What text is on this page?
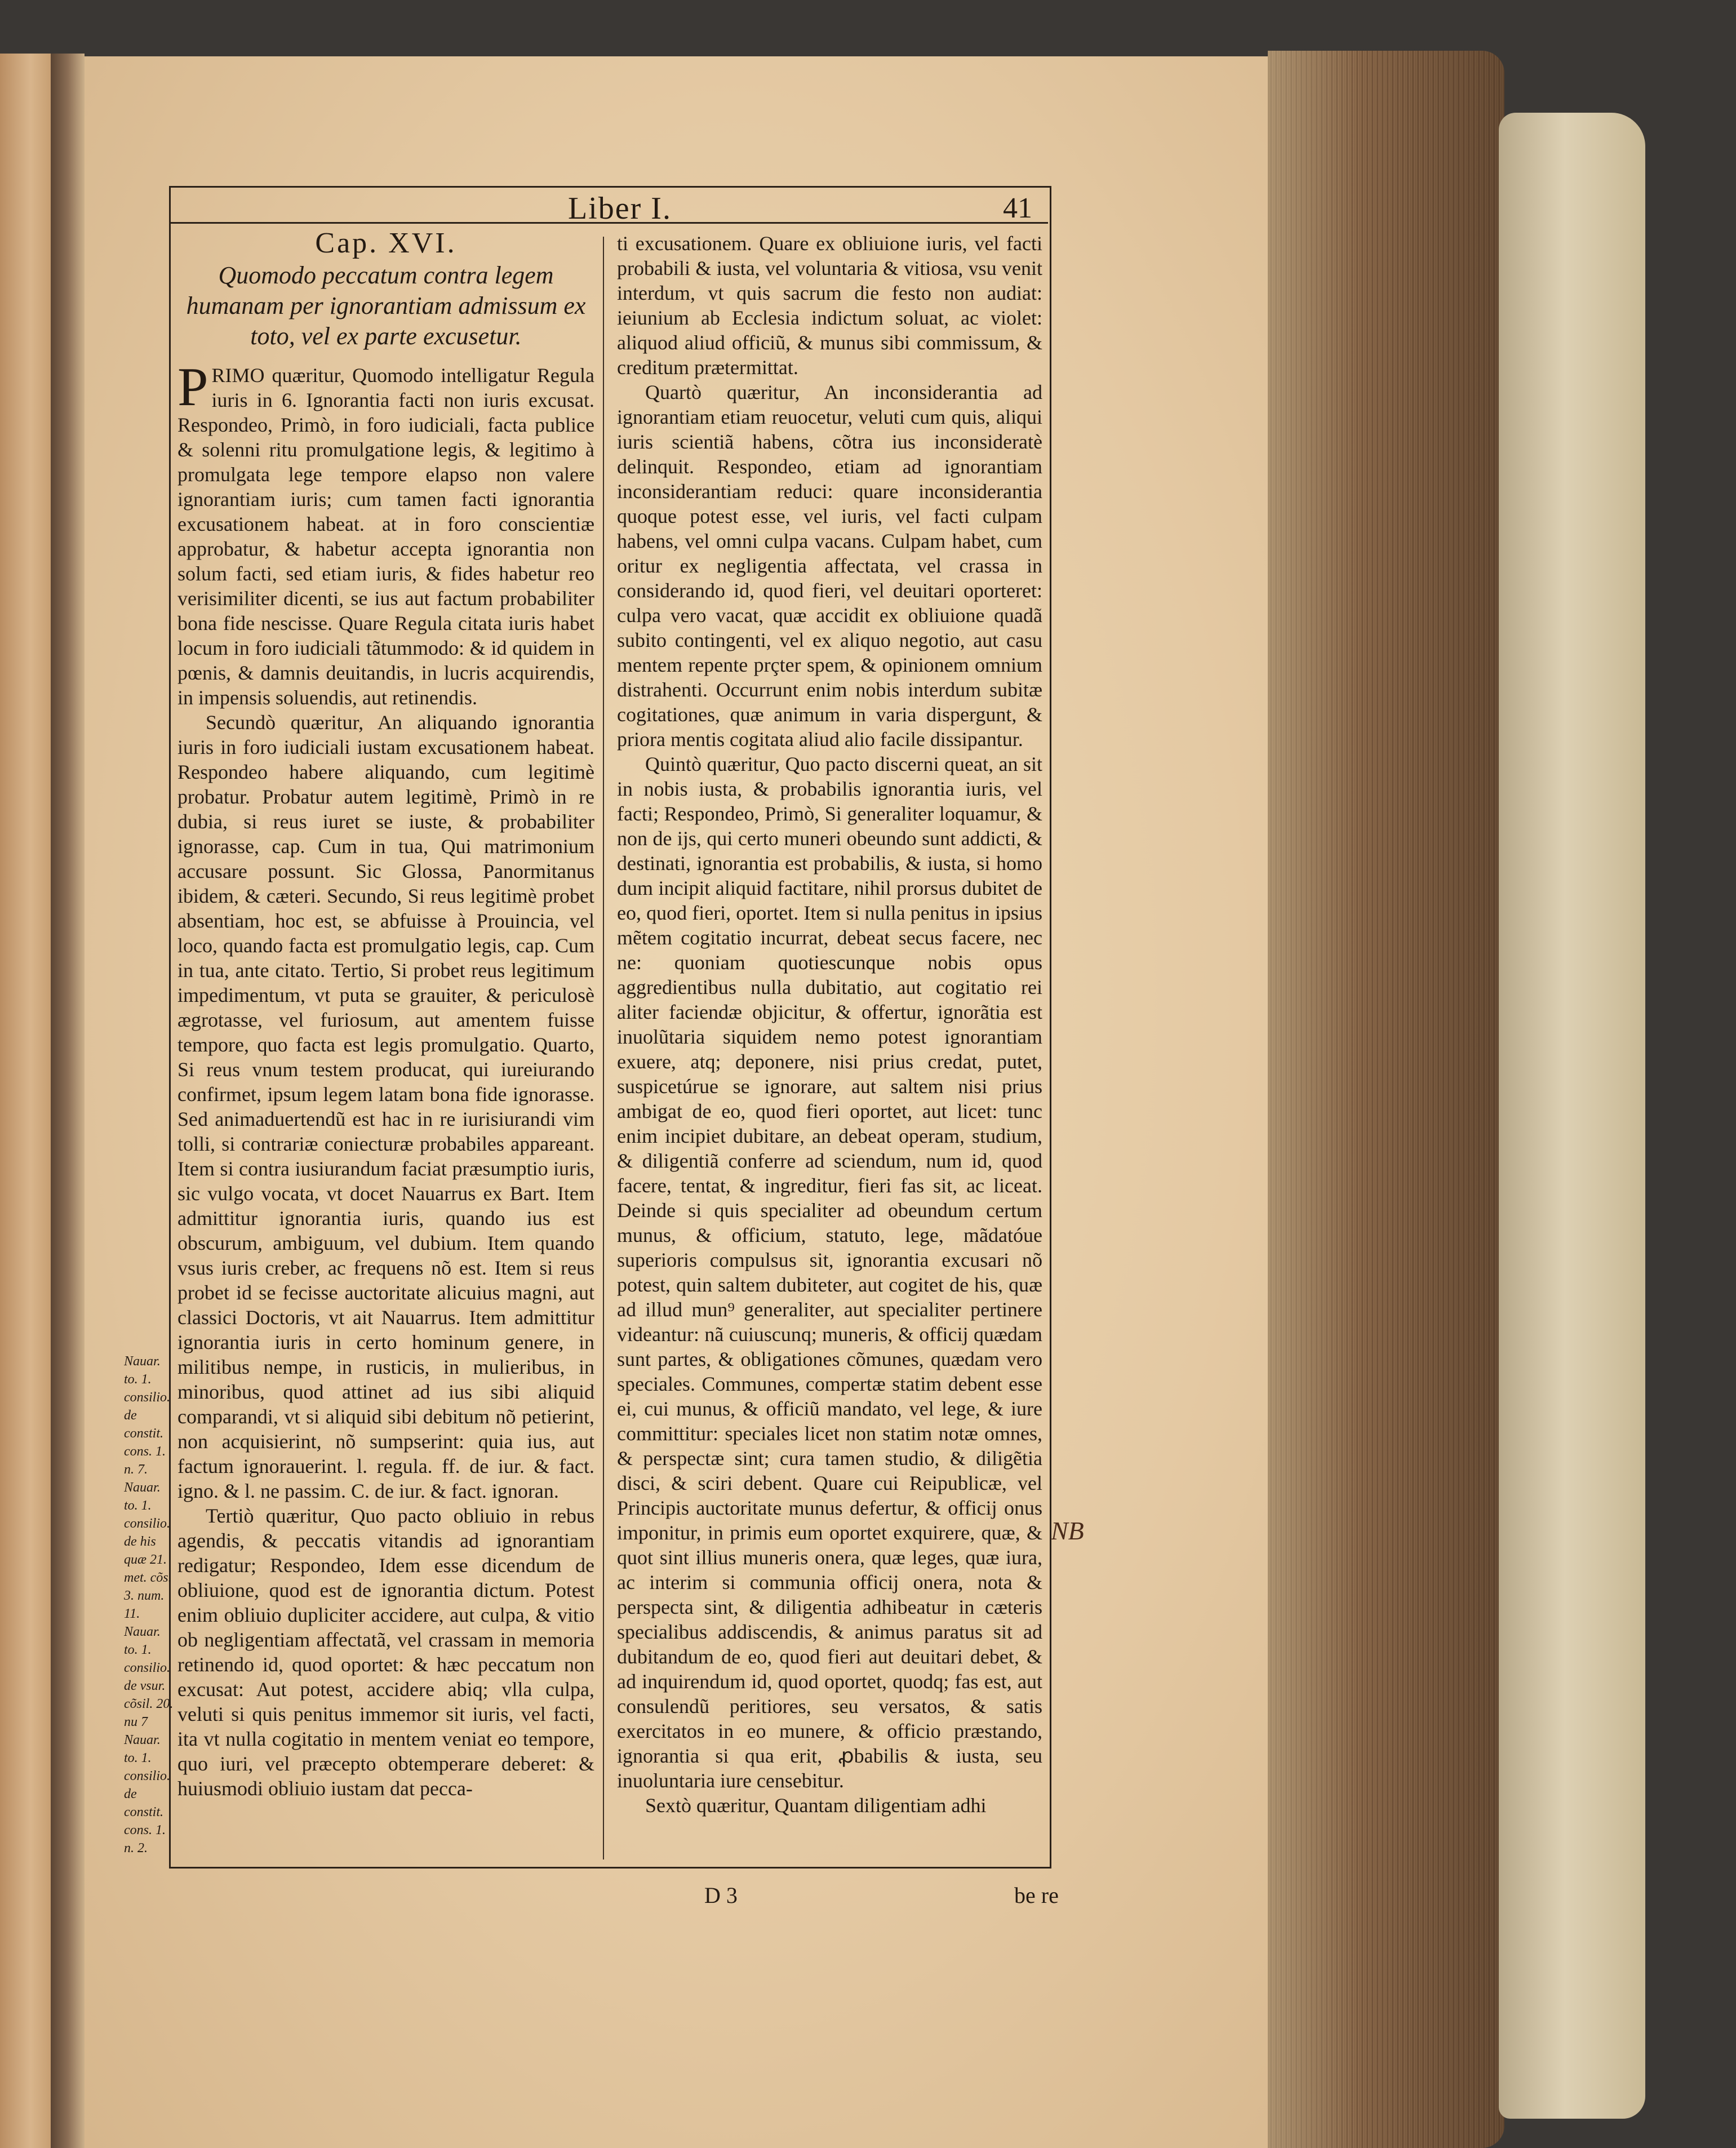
Liber I.	41
Cap. XVI.
Quomodo peccatum contra legem humanam per ignorantiam admissum ex toto, vel ex parte excusetur.

PRIMO quæritur, Quomodo intelligatur Regula iuris in 6. Ignorantia facti non iuris excusat. Respondeo, Primò, in foro iudiciali, facta publice & solenni ritu promulgatione legis, & legitimo à promulgata lege tempore elapso non valere ignorantiam iuris; cum tamen facti ignorantia excusationem habeat. at in foro conscientiæ approbatur, & habetur accepta ignorantia non solum facti, sed etiam iuris, & fides habetur reo verisimiliter dicenti, se ius aut factum probabiliter bona fide nescisse. Quare Regula citata iuris habet locum in foro iudiciali tãtummodo: & id quidem in pœnis, & damnis deuitandis, in lucris acquirendis, in impensis soluendis, aut retinendis.

Secundò quæritur, An aliquando ignorantia iuris in foro iudiciali iustam excusationem habeat. Respondeo habere aliquando, cum legitimè probatur. Probatur autem legitimè, Primò in re dubia, si reus iuret se iuste, & probabiliter ignorasse, cap. Cum in tua, Qui matrimonium accusare possunt. Sic Glossa, Panormitanus ibidem, & cæteri. Secundo, Si reus legitimè probet absentiam, hoc est, se abfuisse à Prouincia, vel loco, quando facta est promulgatio legis, cap. Cum in tua, ante citato. Tertio, Si probet reus legitimum impedimentum, vt puta se grauiter, & periculosè ægrotasse, vel furiosum, aut amentem fuisse tempore, quo facta est legis promulgatio. Quarto, Si reus vnum testem producat, qui iureiurando confirmet, ipsum legem latam bona fide ignorasse. Sed animaduertendũ est hac in re iurisiurandi vim tolli, si contrariæ coniecturæ probabiles appareant. Item si contra iusiurandum faciat præsumptio iuris, sic vulgo vocata, vt docet Nauarrus ex Bart. Item admittitur ignorantia iuris, quando ius est obscurum, ambiguum, vel dubium. Item quando vsus iuris creber, ac frequens nõ est. Item si reus probet id se fecisse auctoritate alicuius magni, aut classici Doctoris, vt ait Nauarrus. Item admittitur ignorantia iuris in certo hominum genere, in militibus nempe, in rusticis, in mulieribus, in minoribus, quod attinet ad ius sibi aliquid comparandi, vt si aliquid sibi debitum nõ petierint, non acquisierint, nõ sumpserint: quia ius, aut factum ignorauerint. l. regula. ff. de iur. & fact. igno. & l. ne passim. C. de iur. & fact. ignoran.

Tertiò quæritur, Quo pacto obliuio in rebus agendis, & peccatis vitandis ad ignorantiam redigatur; Respondeo, Idem esse dicendum de obliuione, quod est de ignorantia dictum. Potest enim obliuio dupliciter accidere, aut culpa, & vitio ob negligentiam affectatã, vel crassam in memoria retinendo id, quod oportet: & hæc peccatum non excusat: Aut potest, accidere abiq; vlla culpa, veluti si quis penitus immemor sit iuris, vel facti, ita vt nulla cogitatio in mentem veniat eo tempore, quo iuri, vel præcepto obtemperare deberet: & huiusmodi obliuio iustam dat pecca-

ti excusationem. Quare ex obliuione iuris, vel facti probabili & iusta, vel voluntaria & vitiosa, vsu venit interdum, vt quis sacrum die festo non audiat: ieiunium ab Ecclesia indictum soluat, ac violet: aliquod aliud officiũ, & munus sibi commissum, & creditum prætermittat.

Quartò quæritur, An inconsiderantia ad ignorantiam etiam reuocetur, veluti cum quis, aliqui iuris scientiã habens, cõtra ius inconsideratè delinquit. Respondeo, etiam ad ignorantiam inconsiderantiam reduci: quare inconsiderantia quoque potest esse, vel iuris, vel facti culpam habens, vel omni culpa vacans. Culpam habet, cum oritur ex negligentia affectata, vel crassa in considerando id, quod fieri, vel deuitari oporteret: culpa vero vacat, quæ accidit ex obliuione quadã subito contingenti, vel ex aliquo negotio, aut casu mentem repente prçter spem, & opinionem omnium distrahenti. Occurrunt enim nobis interdum subitæ cogitationes, quæ animum in varia dispergunt, & priora mentis cogitata aliud alio facile dissipantur.

Quintò quæritur, Quo pacto discerni queat, an sit in nobis iusta, & probabilis ignorantia iuris, vel facti; Respondeo, Primò, Si generaliter loquamur, & non de ijs, qui certo muneri obeundo sunt addicti, & destinati, ignorantia est probabilis, & iusta, si homo dum incipit aliquid factitare, nihil prorsus dubitet de eo, quod fieri, oportet. Item si nulla penitus in ipsius mẽtem cogitatio incurrat, debeat secus facere, nec ne: quoniam quotiescunque nobis opus aggredientibus nulla dubitatio, aut cogitatio rei aliter faciendæ objicitur, & offertur, ignorãtia est inuolũtaria siquidem nemo potest ignorantiam exuere, atq; deponere, nisi prius credat, putet, suspicetúrue se ignorare, aut saltem nisi prius ambigat de eo, quod fieri oportet, aut licet: tunc enim incipiet dubitare, an debeat operam, studium, & diligentiã conferre ad sciendum, num id, quod facere, tentat, & ingreditur, fieri fas sit, ac liceat. Deinde si quis specialiter ad obeundum certum munus, & officium, statuto, lege, mãdatóue superioris compulsus sit, ignorantia excusari nõ potest, quin saltem dubiteter, aut cogitet de his, quæ ad illud mun⁹ generaliter, aut specialiter pertinere videantur: nã cuiuscunq; muneris, & officij quædam sunt partes, & obligationes cõmunes, quædam vero speciales. Communes, compertæ statim debent esse ei, cui munus, & officiũ mandato, vel lege, & iure committitur: speciales licet non statim notæ omnes, & perspectæ sint; cura tamen studio, & diligẽtia disci, & sciri debent. Quare cui Reipublicæ, vel Principis auctoritate munus defertur, & officij onus imponitur, in primis eum oportet exquirere, quæ, & quot sint illius muneris onera, quæ leges, quæ iura, ac interim si communia officij onera, nota & perspecta sint, & diligentia adhibeatur in cæteris specialibus addiscendis, & animus paratus sit ad dubitandum de eo, quod fieri aut deuitari debet, & ad inquirendum id, quod oportet, quodq; fas est, aut consulendũ peritiores, seu versatos, & satis exercitatos in eo munere, & officio præstando, ignorantia si qua erit, ꝓbabilis & iusta, seu inuoluntaria iure censebitur.

Sextò quæritur, Quantam diligentiam adhi

Nauar. to. 1. consilio. de constit. cons. 1. n. 7. Nauar. to. 1. consilio. de his quæ 21. met. cõs. 3. num. 11. Nauar. to. 1. consilio. de vsur. cõsil. 20. nu 7 Nauar. to. 1. consilio. de constit. cons. 1. n. 2.
NB
D 3	be re
